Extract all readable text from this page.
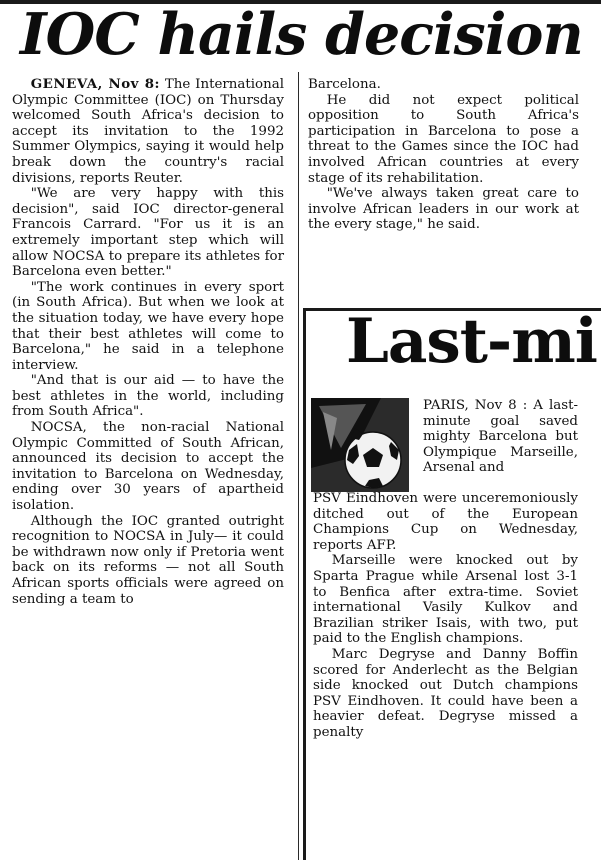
IOC hails decision

GENEVA, Nov 8: The International Olympic Committee (IOC) on Thursday welcomed South Africa's decision to accept its invitation to the 1992 Summer Olympics, saying it would help break down the country's racial divisions, reports Reuter.

"We are very happy with this decision", said IOC director-general Francois Carrard. "For us it is an extremely important step which will allow NOCSA to prepare its athletes for Barcelona even better."

"The work continues in every sport (in South Africa). But when we look at the situation today, we have every hope that their best athletes will come to Barcelona," he said in a telephone interview.

"And that is our aid — to have the best athletes in the world, including from South Africa".

NOCSA, the non-racial National Olympic Committed of South African, announced its decision to accept the invitation to Barcelona on Wednesday, ending over 30 years of apartheid isolation.

Although the IOC granted outright recognition to NOCSA in July— it could be withdrawn now only if Pretoria went back on its reforms — not all South African sports officials were agreed on sending a team to

Barcelona.

He did not expect political opposition to South Africa's participation in Barcelona to pose a threat to the Games since the IOC had involved African countries at every stage of its rehabilitation.

"We've always taken great care to involve African leaders in our work at the every stage," he said.

Last-mi

PARIS, Nov 8 : A last-minute goal saved mighty Barcelona but Olympique Marseille, Arsenal and

PSV Eindhoven were unceremoniously ditched out of the European Champions Cup on Wednesday, reports AFP.

Marseille were knocked out by Sparta Prague while Arsenal lost 3-1 to Benfica after extra-time. Soviet international Vasily Kulkov and Brazilian striker Isais, with two, put paid to the English champions.

Marc Degryse and Danny Boffin scored for Anderlecht as the Belgian side knocked out Dutch champions PSV Eindhoven. It could have been a heavier defeat. Degryse missed a penalty
